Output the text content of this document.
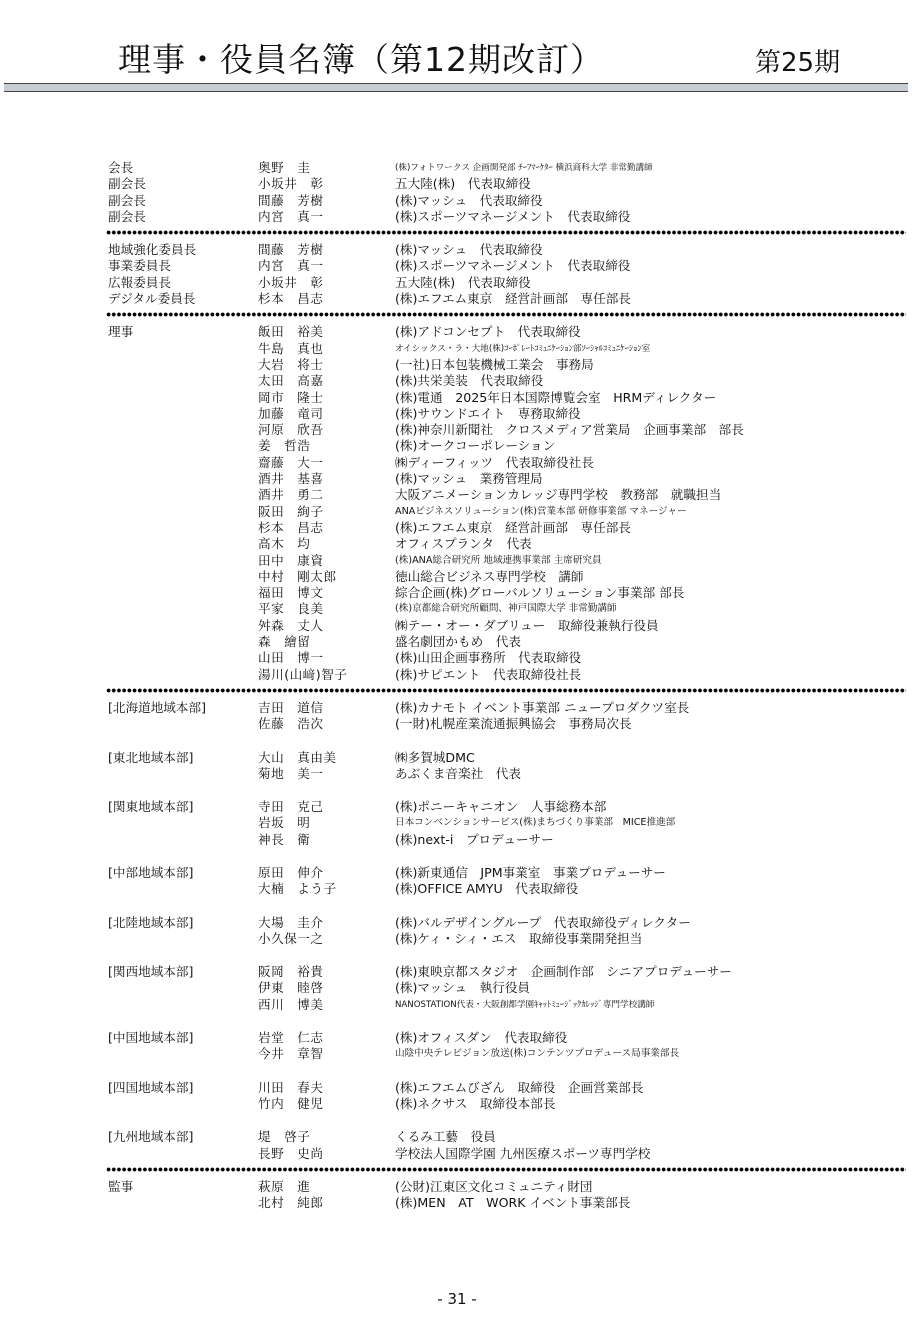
理事・役員名簿（第12期改訂）	第25期
会長	奥野　圭	(株)フォトワークス 企画開発部 ﾁｰﾌﾏｰｹﾀｰ 横浜商科大学 非常勤講師
副会長	小坂井　彰	五大陸(株)　代表取締役
副会長	間藤　芳樹	(株)マッシュ　代表取締役
副会長	内宮　真一	(株)スポーツマネージメント　代表取締役
地域強化委員長	間藤　芳樹	(株)マッシュ　代表取締役
事業委員長	内宮　真一	(株)スポーツマネージメント　代表取締役
広報委員長	小坂井　彰	五大陸(株)　代表取締役
デジタル委員長	杉本　昌志	(株)エフエム東京　経営計画部　専任部長
理事	飯田　裕美	(株)アドコンセプト　代表取締役
牛島　真也	オイシックス・ラ・大地(株)ｺｰﾎﾟﾚｰﾄｺﾐｭﾆｹｰｼｮﾝ部ｿｰｼｬﾙｺﾐｭﾆｹｰｼｮﾝ室
大岩　将士	(一社)日本包装機械工業会　事務局
太田　高嘉	(株)共栄美装　代表取締役
岡市　隆士	(株)電通　2025年日本国際博覧会室　HRMディレクター
加藤　竜司	(株)サウンドエイト　専務取締役
河原　欣吾	(株)神奈川新聞社　クロスメディア営業局　企画事業部　部長
姜　哲浩	(株)オークコーポレーション
齋藤　大一	㈱ディーフィッツ　代表取締役社長
酒井　基喜	(株)マッシュ　業務管理局
酒井　勇二	大阪アニメーションカレッジ専門学校　教務部　就職担当
阪田　絢子	ANAビジネスソリューション(株)営業本部 研修事業部 マネージャー
杉本　昌志	(株)エフエム東京　経営計画部　専任部長
高木　均	オフィスプランタ　代表
田中　康資	(株)ANA総合研究所 地域連携事業部 主席研究員
中村　剛太郎	徳山総合ビジネス専門学校　講師
福田　博文	綜合企画(株)グローバルソリューション事業部 部長
平家　良美	(株)京都総合研究所顧問、神戸国際大学 非常勤講師
舛森　丈人	㈱テー・オー・ダブリュー　取締役兼執行役員
森　繪留	盛名劇団かもめ　代表
山田　博一	(株)山田企画事務所　代表取締役
湯川(山﨑)智子	(株)サピエント　代表取締役社長
[北海道地域本部]	吉田　道信	(株)カナモト イベント事業部 ニュープロダクツ室長
佐藤　浩次	(一財)札幌産業流通振興協会　事務局次長
[東北地域本部]	大山　真由美	㈱多賀城DMC
菊地　美一	あぶくま音楽社　代表
[関東地域本部]	寺田　克己	(株)ポニーキャニオン　人事総務本部
岩坂　明	日本コンベンションサービス(株)まちづくり事業部　MICE推進部
神長　衛	(株)next-i　プロデューサー
[中部地域本部]	原田　伸介	(株)新東通信　JPM事業室　事業プロデューサー
大楠　よう子	(株)OFFICE AMYU　代表取締役
[北陸地域本部]	大場　圭介	(株)バルデザイングループ　代表取締役ディレクター
小久保一之	(株)ケィ・シィ・エス　取締役事業開発担当
[関西地域本部]	阪岡　裕貴	(株)東映京都スタジオ　企画制作部　シニアプロデューサー
伊東　睦啓	(株)マッシュ　執行役員
西川　博美	NANOSTATION代表・大阪創都学園ｷｬｯﾄﾐｭｰｼﾞｯｸｶﾚｯｼﾞ専門学校講師
[中国地域本部]	岩堂　仁志	(株)オフィスダン　代表取締役
今井　章智	山陰中央テレビジョン放送(株)コンテンツプロデュース局事業部長
[四国地域本部]	川田　春夫	(株)エフエムびざん　取締役　企画営業部長
竹内　健児	(株)ネクサス　取締役本部長
[九州地域本部]	堤　啓子	くるみ工藝　役員
長野　史尚	学校法人国際学園 九州医療スポーツ専門学校
監事	萩原　進	(公財)江東区文化コミュニティ財団
北村　純郎	(株)MEN　AT　WORK イベント事業部長
- 31 -
